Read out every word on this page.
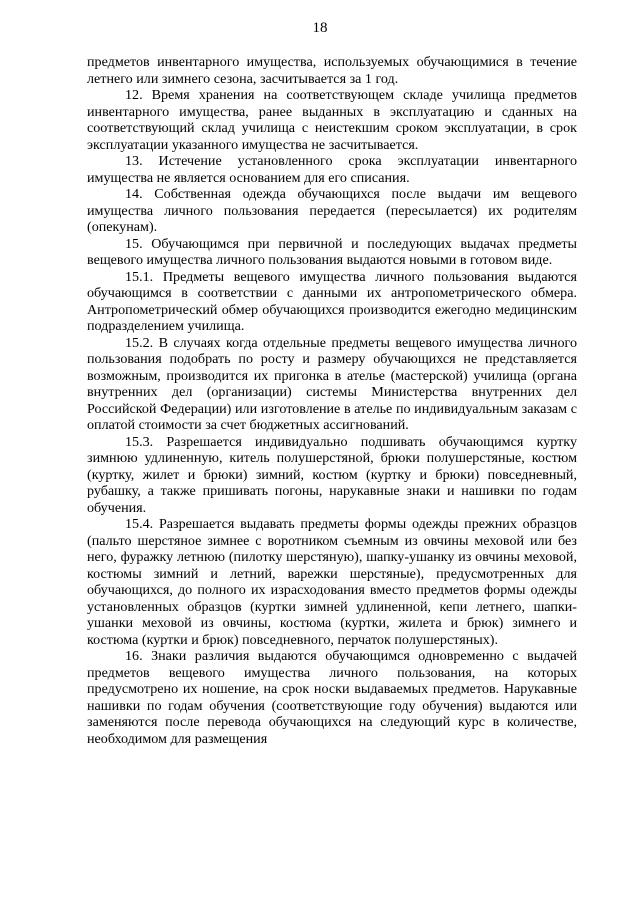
18

предметов инвентарного имущества, используемых обучающимися в течение летнего или зимнего сезона, засчитывается за 1 год.

12. Время хранения на соответствующем складе училища предметов инвентарного имущества, ранее выданных в эксплуатацию и сданных на соответствующий склад училища с неистекшим сроком эксплуатации, в срок эксплуатации указанного имущества не засчитывается.

13. Истечение установленного срока эксплуатации инвентарного имущества не является основанием для его списания.

14. Собственная одежда обучающихся после выдачи им вещевого имущества личного пользования передается (пересылается) их родителям (опекунам).

15. Обучающимся при первичной и последующих выдачах предметы вещевого имущества личного пользования выдаются новыми в готовом виде.

15.1. Предметы вещевого имущества личного пользования выдаются обучающимся в соответствии с данными их антропометрического обмера. Антропометрический обмер обучающихся производится ежегодно медицинским подразделением училища.

15.2. В случаях когда отдельные предметы вещевого имущества личного пользования подобрать по росту и размеру обучающихся не представляется возможным, производится их пригонка в ателье (мастерской) училища (органа внутренних дел (организации) системы Министерства внутренних дел Российской Федерации) или изготовление в ателье по индивидуальным заказам с оплатой стоимости за счет бюджетных ассигнований.

15.3. Разрешается индивидуально подшивать обучающимся куртку зимнюю удлиненную, китель полушерстяной, брюки полушерстяные, костюм (куртку, жилет и брюки) зимний, костюм (куртку и брюки) повседневный, рубашку, а также пришивать погоны, нарукавные знаки и нашивки по годам обучения.

15.4. Разрешается выдавать предметы формы одежды прежних образцов (пальто шерстяное зимнее с воротником съемным из овчины меховой или без него, фуражку летнюю (пилотку шерстяную), шапку-ушанку из овчины меховой, костюмы зимний и летний, варежки шерстяные), предусмотренных для обучающихся, до полного их израсходования вместо предметов формы одежды установленных образцов (куртки зимней удлиненной, кепи летнего, шапки-ушанки меховой из овчины, костюма (куртки, жилета и брюк) зимнего и костюма (куртки и брюк) повседневного, перчаток полушерстяных).

16. Знаки различия выдаются обучающимся одновременно с выдачей предметов вещевого имущества личного пользования, на которых предусмотрено их ношение, на срок носки выдаваемых предметов. Нарукавные нашивки по годам обучения (соответствующие году обучения) выдаются или заменяются после перевода обучающихся на следующий курс в количестве, необходимом для размещения
